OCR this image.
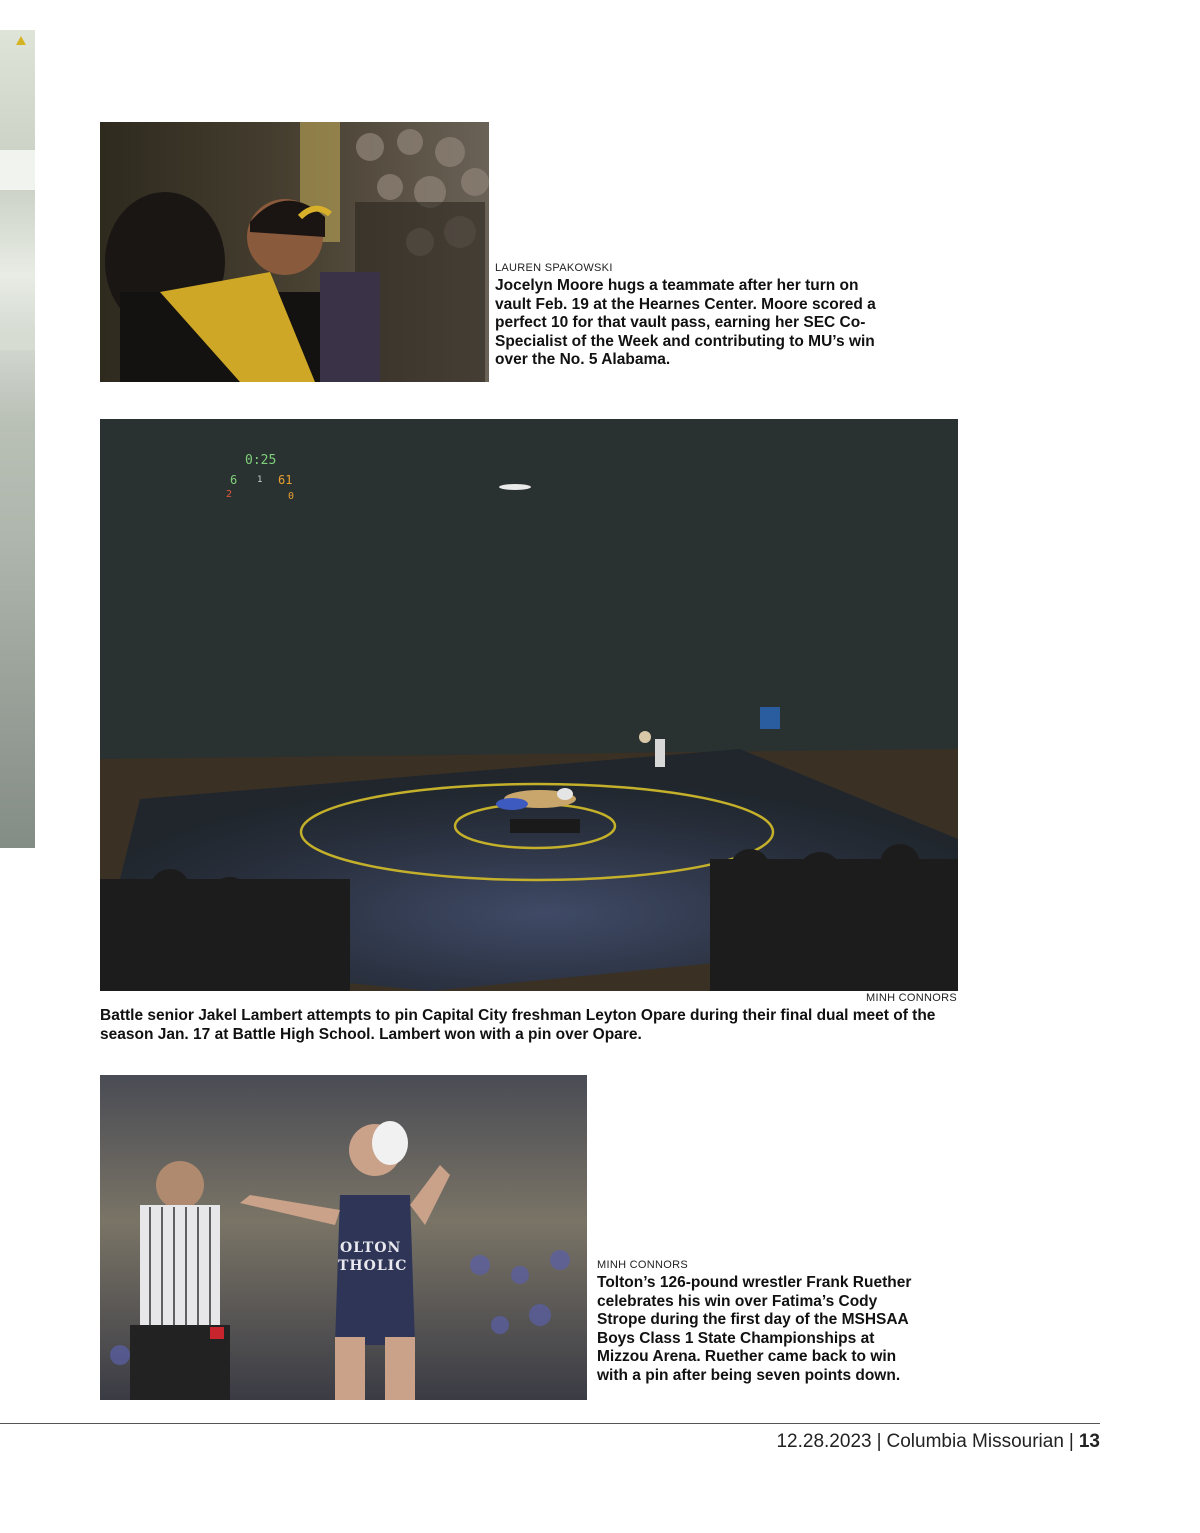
LAUREN SPAKOWSKI
Jocelyn Moore hugs a teammate after her turn on vault Feb. 19 at the Hearnes Center. Moore scored a perfect 10 for that vault pass, earning her SEC Co-Specialist of the Week and contributing to MU’s win over the No. 5 Alabama.
0:25
6 1 61
2	0
MINH CONNORS
Battle senior Jakel Lambert attempts to pin Capital City freshman Leyton Opare during their final dual meet of the season Jan. 17 at Battle High School. Lambert won with a pin over Opare.
OLTON
THOLIC	MINH CONNORS
Tolton’s 126-pound wrestler Frank Ruether celebrates his win over Fatima’s Cody Strope during the first day of the MSHSAA Boys Class 1 State Championships at Mizzou Arena. Ruether came back to win with a pin after being seven points down.
12.28.2023 | Columbia Missourian | 13
